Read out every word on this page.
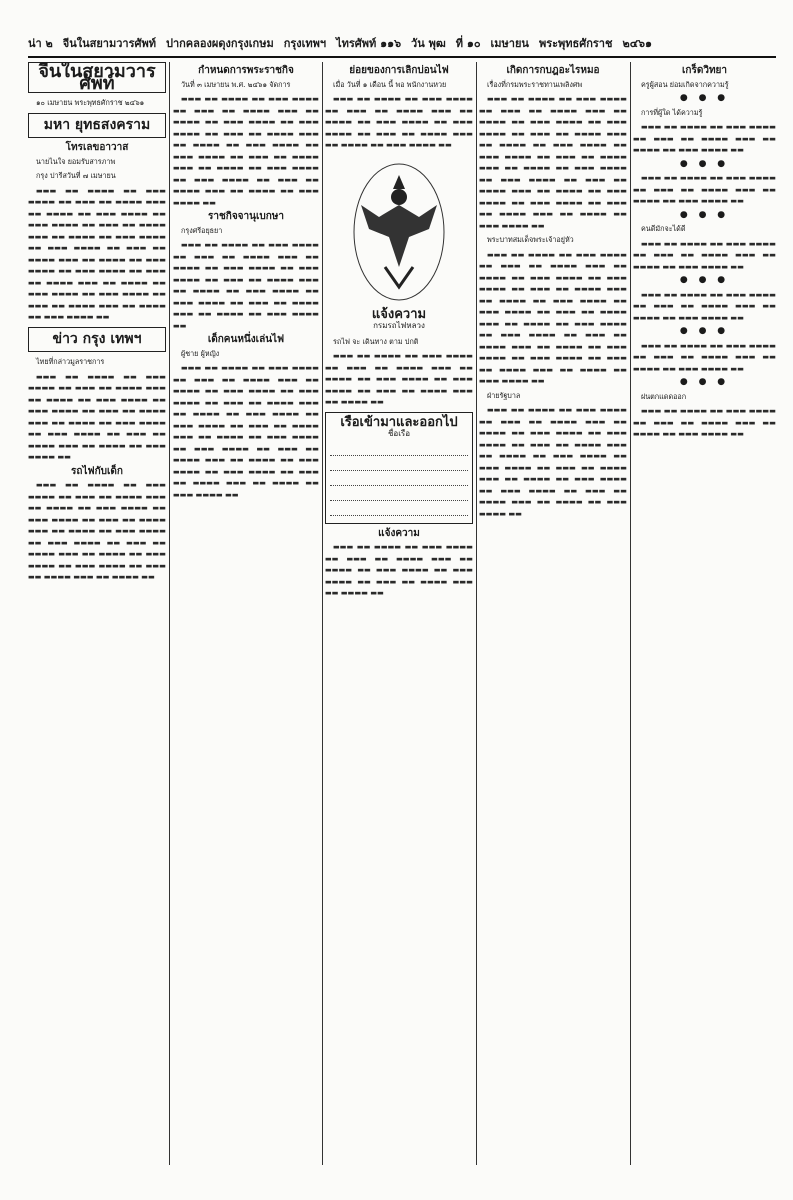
น่า ๒ จีนในสยามวารศัพท์ ปากคลองผดุงกรุงเกษม กรุงเทพฯ ไทรศัพท์ ๑๑๖ วัน พุฒ ที่ ๑๐ เมษายน พระพุทธศักราช ๒๔๖๑
จีนในสยามวารศัพท์

๑๐ เมษายน พระพุทธศักราช ๒๔๖๑

มหา ยุทธสงคราม
โทรเลขอาวาส

นายไนใจ ยอมรับสารภาพ

กรุง ปารีสวันที่ ๗ เมษายน

▬▬▬ ▬▬ ▬▬▬▬ ▬▬ ▬▬▬ ▬▬▬▬ ▬▬ ▬▬▬ ▬▬ ▬▬▬▬ ▬▬▬ ▬▬ ▬▬▬▬ ▬▬ ▬▬▬ ▬▬▬▬ ▬▬ ▬▬▬ ▬▬▬▬ ▬▬ ▬▬▬ ▬▬ ▬▬▬▬ ▬▬▬ ▬▬ ▬▬▬▬ ▬▬ ▬▬▬ ▬▬▬▬ ▬▬ ▬▬▬ ▬▬▬▬ ▬▬ ▬▬▬ ▬▬ ▬▬▬▬ ▬▬▬ ▬▬ ▬▬▬▬ ▬▬ ▬▬▬ ▬▬▬▬ ▬▬ ▬▬▬ ▬▬▬▬ ▬▬ ▬▬▬ ▬▬ ▬▬▬▬ ▬▬▬ ▬▬ ▬▬▬▬ ▬▬ ▬▬▬ ▬▬▬▬ ▬▬ ▬▬▬ ▬▬▬▬ ▬▬ ▬▬▬ ▬▬ ▬▬▬▬ ▬▬▬ ▬▬ ▬▬▬▬ ▬▬ ▬▬▬ ▬▬▬▬ ▬▬

ข่าว กรุง เทพฯ

ไทยที่กล่าวมูลราชการ

▬▬▬ ▬▬ ▬▬▬▬ ▬▬ ▬▬▬ ▬▬▬▬ ▬▬ ▬▬▬ ▬▬ ▬▬▬▬ ▬▬▬ ▬▬ ▬▬▬▬ ▬▬ ▬▬▬ ▬▬▬▬ ▬▬ ▬▬▬ ▬▬▬▬ ▬▬ ▬▬▬ ▬▬ ▬▬▬▬ ▬▬▬ ▬▬ ▬▬▬▬ ▬▬ ▬▬▬ ▬▬▬▬ ▬▬ ▬▬▬ ▬▬▬▬ ▬▬ ▬▬▬ ▬▬ ▬▬▬▬ ▬▬▬ ▬▬ ▬▬▬▬ ▬▬ ▬▬▬ ▬▬▬▬ ▬▬

รถไฟกับเด็ก

▬▬▬ ▬▬ ▬▬▬▬ ▬▬ ▬▬▬ ▬▬▬▬ ▬▬ ▬▬▬ ▬▬ ▬▬▬▬ ▬▬▬ ▬▬ ▬▬▬▬ ▬▬ ▬▬▬ ▬▬▬▬ ▬▬ ▬▬▬ ▬▬▬▬ ▬▬ ▬▬▬ ▬▬ ▬▬▬▬ ▬▬▬ ▬▬ ▬▬▬▬ ▬▬ ▬▬▬ ▬▬▬▬ ▬▬ ▬▬▬ ▬▬▬▬ ▬▬ ▬▬▬ ▬▬ ▬▬▬▬ ▬▬▬ ▬▬ ▬▬▬▬ ▬▬ ▬▬▬ ▬▬▬▬ ▬▬ ▬▬▬ ▬▬▬▬ ▬▬ ▬▬▬ ▬▬ ▬▬▬▬ ▬▬▬ ▬▬ ▬▬▬▬ ▬▬

กำหนดการพระราชกิจ

วันที่ ๓ เมษายน พ.ศ. ๒๔๖๑ จัดการ

▬▬▬ ▬▬ ▬▬▬▬ ▬▬ ▬▬▬ ▬▬▬▬ ▬▬ ▬▬▬ ▬▬ ▬▬▬▬ ▬▬▬ ▬▬ ▬▬▬▬ ▬▬ ▬▬▬ ▬▬▬▬ ▬▬ ▬▬▬ ▬▬▬▬ ▬▬ ▬▬▬ ▬▬ ▬▬▬▬ ▬▬▬ ▬▬ ▬▬▬▬ ▬▬ ▬▬▬ ▬▬▬▬ ▬▬ ▬▬▬ ▬▬▬▬ ▬▬ ▬▬▬ ▬▬ ▬▬▬▬ ▬▬▬ ▬▬ ▬▬▬▬ ▬▬ ▬▬▬ ▬▬▬▬ ▬▬ ▬▬▬ ▬▬▬▬ ▬▬ ▬▬▬ ▬▬ ▬▬▬▬ ▬▬▬ ▬▬ ▬▬▬▬ ▬▬ ▬▬▬ ▬▬▬▬ ▬▬

ราชกิจจานุเบกษา

กรุงศรีอยุธยา

▬▬▬ ▬▬ ▬▬▬▬ ▬▬ ▬▬▬ ▬▬▬▬ ▬▬ ▬▬▬ ▬▬ ▬▬▬▬ ▬▬▬ ▬▬ ▬▬▬▬ ▬▬ ▬▬▬ ▬▬▬▬ ▬▬ ▬▬▬ ▬▬▬▬ ▬▬ ▬▬▬ ▬▬ ▬▬▬▬ ▬▬▬ ▬▬ ▬▬▬▬ ▬▬ ▬▬▬ ▬▬▬▬ ▬▬ ▬▬▬ ▬▬▬▬ ▬▬ ▬▬▬ ▬▬ ▬▬▬▬ ▬▬▬ ▬▬ ▬▬▬▬ ▬▬ ▬▬▬ ▬▬▬▬ ▬▬

เด็กคนหนึ่งเล่นไฟ

ผู้ชาย ผู้หญิง

▬▬▬ ▬▬ ▬▬▬▬ ▬▬ ▬▬▬ ▬▬▬▬ ▬▬ ▬▬▬ ▬▬ ▬▬▬▬ ▬▬▬ ▬▬ ▬▬▬▬ ▬▬ ▬▬▬ ▬▬▬▬ ▬▬ ▬▬▬ ▬▬▬▬ ▬▬ ▬▬▬ ▬▬ ▬▬▬▬ ▬▬▬ ▬▬ ▬▬▬▬ ▬▬ ▬▬▬ ▬▬▬▬ ▬▬ ▬▬▬ ▬▬▬▬ ▬▬ ▬▬▬ ▬▬ ▬▬▬▬ ▬▬▬ ▬▬ ▬▬▬▬ ▬▬ ▬▬▬ ▬▬▬▬ ▬▬ ▬▬▬ ▬▬▬▬ ▬▬ ▬▬▬ ▬▬ ▬▬▬▬ ▬▬▬ ▬▬ ▬▬▬▬ ▬▬ ▬▬▬ ▬▬▬▬ ▬▬ ▬▬▬ ▬▬▬▬ ▬▬ ▬▬▬ ▬▬ ▬▬▬▬ ▬▬▬ ▬▬ ▬▬▬▬ ▬▬ ▬▬▬ ▬▬▬▬ ▬▬

ย่อยของการเลิกบ่อนไฟ

เมื่อ วันที่ ๑ เดือน นี้ พอ พนักงานหวย

▬▬▬ ▬▬ ▬▬▬▬ ▬▬ ▬▬▬ ▬▬▬▬ ▬▬ ▬▬▬ ▬▬ ▬▬▬▬ ▬▬▬ ▬▬ ▬▬▬▬ ▬▬ ▬▬▬ ▬▬▬▬ ▬▬ ▬▬▬ ▬▬▬▬ ▬▬ ▬▬▬ ▬▬ ▬▬▬▬ ▬▬▬ ▬▬ ▬▬▬▬ ▬▬ ▬▬▬ ▬▬▬▬ ▬▬

แจ้งความ
กรมรถไฟหลวง

รถไฟ จะ เดินทาง ตาม ปกติ

▬▬▬ ▬▬ ▬▬▬▬ ▬▬ ▬▬▬ ▬▬▬▬ ▬▬ ▬▬▬ ▬▬ ▬▬▬▬ ▬▬▬ ▬▬ ▬▬▬▬ ▬▬ ▬▬▬ ▬▬▬▬ ▬▬ ▬▬▬ ▬▬▬▬ ▬▬ ▬▬▬ ▬▬ ▬▬▬▬ ▬▬▬ ▬▬ ▬▬▬▬ ▬▬

เรือเข้ามาและออกไป
ชื่อเรือ
แจ้งความ

▬▬▬ ▬▬ ▬▬▬▬ ▬▬ ▬▬▬ ▬▬▬▬ ▬▬ ▬▬▬ ▬▬ ▬▬▬▬ ▬▬▬ ▬▬ ▬▬▬▬ ▬▬ ▬▬▬ ▬▬▬▬ ▬▬ ▬▬▬ ▬▬▬▬ ▬▬ ▬▬▬ ▬▬ ▬▬▬▬ ▬▬▬ ▬▬ ▬▬▬▬ ▬▬

เกิดการกบฎอะไรหมอ

เรื่องที่กรมพระราชทานเพลิงศพ

▬▬▬ ▬▬ ▬▬▬▬ ▬▬ ▬▬▬ ▬▬▬▬ ▬▬ ▬▬▬ ▬▬ ▬▬▬▬ ▬▬▬ ▬▬ ▬▬▬▬ ▬▬ ▬▬▬ ▬▬▬▬ ▬▬ ▬▬▬ ▬▬▬▬ ▬▬ ▬▬▬ ▬▬ ▬▬▬▬ ▬▬▬ ▬▬ ▬▬▬▬ ▬▬ ▬▬▬ ▬▬▬▬ ▬▬ ▬▬▬ ▬▬▬▬ ▬▬ ▬▬▬ ▬▬ ▬▬▬▬ ▬▬▬ ▬▬ ▬▬▬▬ ▬▬ ▬▬▬ ▬▬▬▬ ▬▬ ▬▬▬ ▬▬▬▬ ▬▬ ▬▬▬ ▬▬ ▬▬▬▬ ▬▬▬ ▬▬ ▬▬▬▬ ▬▬ ▬▬▬ ▬▬▬▬ ▬▬ ▬▬▬ ▬▬▬▬ ▬▬ ▬▬▬ ▬▬ ▬▬▬▬ ▬▬▬ ▬▬ ▬▬▬▬ ▬▬ ▬▬▬ ▬▬▬▬ ▬▬

พระบาทสมเด็จพระเจ้าอยู่หัว

▬▬▬ ▬▬ ▬▬▬▬ ▬▬ ▬▬▬ ▬▬▬▬ ▬▬ ▬▬▬ ▬▬ ▬▬▬▬ ▬▬▬ ▬▬ ▬▬▬▬ ▬▬ ▬▬▬ ▬▬▬▬ ▬▬ ▬▬▬ ▬▬▬▬ ▬▬ ▬▬▬ ▬▬ ▬▬▬▬ ▬▬▬ ▬▬ ▬▬▬▬ ▬▬ ▬▬▬ ▬▬▬▬ ▬▬ ▬▬▬ ▬▬▬▬ ▬▬ ▬▬▬ ▬▬ ▬▬▬▬ ▬▬▬ ▬▬ ▬▬▬▬ ▬▬ ▬▬▬ ▬▬▬▬ ▬▬ ▬▬▬ ▬▬▬▬ ▬▬ ▬▬▬ ▬▬ ▬▬▬▬ ▬▬▬ ▬▬ ▬▬▬▬ ▬▬ ▬▬▬ ▬▬▬▬ ▬▬ ▬▬▬ ▬▬▬▬ ▬▬ ▬▬▬ ▬▬ ▬▬▬▬ ▬▬▬ ▬▬ ▬▬▬▬ ▬▬ ▬▬▬ ▬▬▬▬ ▬▬

ฝ่ายรัฐบาล

▬▬▬ ▬▬ ▬▬▬▬ ▬▬ ▬▬▬ ▬▬▬▬ ▬▬ ▬▬▬ ▬▬ ▬▬▬▬ ▬▬▬ ▬▬ ▬▬▬▬ ▬▬ ▬▬▬ ▬▬▬▬ ▬▬ ▬▬▬ ▬▬▬▬ ▬▬ ▬▬▬ ▬▬ ▬▬▬▬ ▬▬▬ ▬▬ ▬▬▬▬ ▬▬ ▬▬▬ ▬▬▬▬ ▬▬ ▬▬▬ ▬▬▬▬ ▬▬ ▬▬▬ ▬▬ ▬▬▬▬ ▬▬▬ ▬▬ ▬▬▬▬ ▬▬ ▬▬▬ ▬▬▬▬ ▬▬ ▬▬▬ ▬▬▬▬ ▬▬ ▬▬▬ ▬▬ ▬▬▬▬ ▬▬▬ ▬▬ ▬▬▬▬ ▬▬ ▬▬▬ ▬▬▬▬ ▬▬

เกร็ดวิทยา

ครูผู้สอน ย่อมเกิดจากความรู้

● ● ●

การที่ผู้ใด ได้ความรู้

▬▬▬ ▬▬ ▬▬▬▬ ▬▬ ▬▬▬ ▬▬▬▬ ▬▬ ▬▬▬ ▬▬ ▬▬▬▬ ▬▬▬ ▬▬ ▬▬▬▬ ▬▬ ▬▬▬ ▬▬▬▬ ▬▬

● ● ●

▬▬▬ ▬▬ ▬▬▬▬ ▬▬ ▬▬▬ ▬▬▬▬ ▬▬ ▬▬▬ ▬▬ ▬▬▬▬ ▬▬▬ ▬▬ ▬▬▬▬ ▬▬ ▬▬▬ ▬▬▬▬ ▬▬

● ● ●

คนดีมักจะได้ดี

▬▬▬ ▬▬ ▬▬▬▬ ▬▬ ▬▬▬ ▬▬▬▬ ▬▬ ▬▬▬ ▬▬ ▬▬▬▬ ▬▬▬ ▬▬ ▬▬▬▬ ▬▬ ▬▬▬ ▬▬▬▬ ▬▬

● ● ●

▬▬▬ ▬▬ ▬▬▬▬ ▬▬ ▬▬▬ ▬▬▬▬ ▬▬ ▬▬▬ ▬▬ ▬▬▬▬ ▬▬▬ ▬▬ ▬▬▬▬ ▬▬ ▬▬▬ ▬▬▬▬ ▬▬

● ● ●

▬▬▬ ▬▬ ▬▬▬▬ ▬▬ ▬▬▬ ▬▬▬▬ ▬▬ ▬▬▬ ▬▬ ▬▬▬▬ ▬▬▬ ▬▬ ▬▬▬▬ ▬▬ ▬▬▬ ▬▬▬▬ ▬▬

● ● ●

ฝนตกแดดออก

▬▬▬ ▬▬ ▬▬▬▬ ▬▬ ▬▬▬ ▬▬▬▬ ▬▬ ▬▬▬ ▬▬ ▬▬▬▬ ▬▬▬ ▬▬ ▬▬▬▬ ▬▬ ▬▬▬ ▬▬▬▬ ▬▬
